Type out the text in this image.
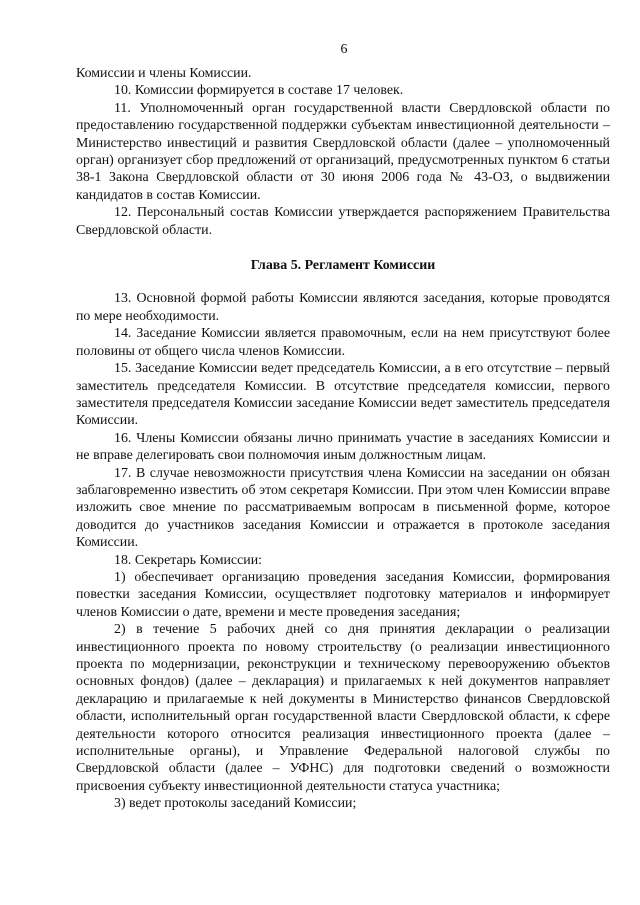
6

Комиссии и члены Комиссии.

10. Комиссии формируется в составе 17 человек.

11. Уполномоченный орган государственной власти Свердловской области по предоставлению государственной поддержки субъектам инвестиционной деятельности – Министерство инвестиций и развития Свердловской области (далее – уполномоченный орган) организует сбор предложений от организаций, предусмотренных пунктом 6 статьи 38-1 Закона Свердловской области от 30 июня 2006 года № 43-ОЗ, о выдвижении кандидатов в состав Комиссии.

12. Персональный состав Комиссии утверждается распоряжением Правительства Свердловской области.

Глава 5. Регламент Комиссии

13. Основной формой работы Комиссии являются заседания, которые проводятся по мере необходимости.

14. Заседание Комиссии является правомочным, если на нем присутствуют более половины от общего числа членов Комиссии.

15. Заседание Комиссии ведет председатель Комиссии, а в его отсутствие – первый заместитель председателя Комиссии. В отсутствие председателя комиссии, первого заместителя председателя Комиссии заседание Комиссии ведет заместитель председателя Комиссии.

16. Члены Комиссии обязаны лично принимать участие в заседаниях Комиссии и не вправе делегировать свои полномочия иным должностным лицам.

17. В случае невозможности присутствия члена Комиссии на заседании он обязан заблаговременно известить об этом секретаря Комиссии. При этом член Комиссии вправе изложить свое мнение по рассматриваемым вопросам в письменной форме, которое доводится до участников заседания Комиссии и отражается в протоколе заседания Комиссии.

18. Секретарь Комиссии:

1) обеспечивает организацию проведения заседания Комиссии, формирования повестки заседания Комиссии, осуществляет подготовку материалов и информирует членов Комиссии о дате, времени и месте проведения заседания;

2) в течение 5 рабочих дней со дня принятия декларации о реализации инвестиционного проекта по новому строительству (о реализации инвестиционного проекта по модернизации, реконструкции и техническому перевооружению объектов основных фондов) (далее – декларация) и прилагаемых к ней документов направляет декларацию и прилагаемые к ней документы в Министерство финансов Свердловской области, исполнительный орган государственной власти Свердловской области, к сфере деятельности которого относится реализация инвестиционного проекта (далее – исполнительные органы), и Управление Федеральной налоговой службы по Свердловской области (далее – УФНС) для подготовки сведений о возможности присвоения субъекту инвестиционной деятельности статуса участника;

3) ведет протоколы заседаний Комиссии;
